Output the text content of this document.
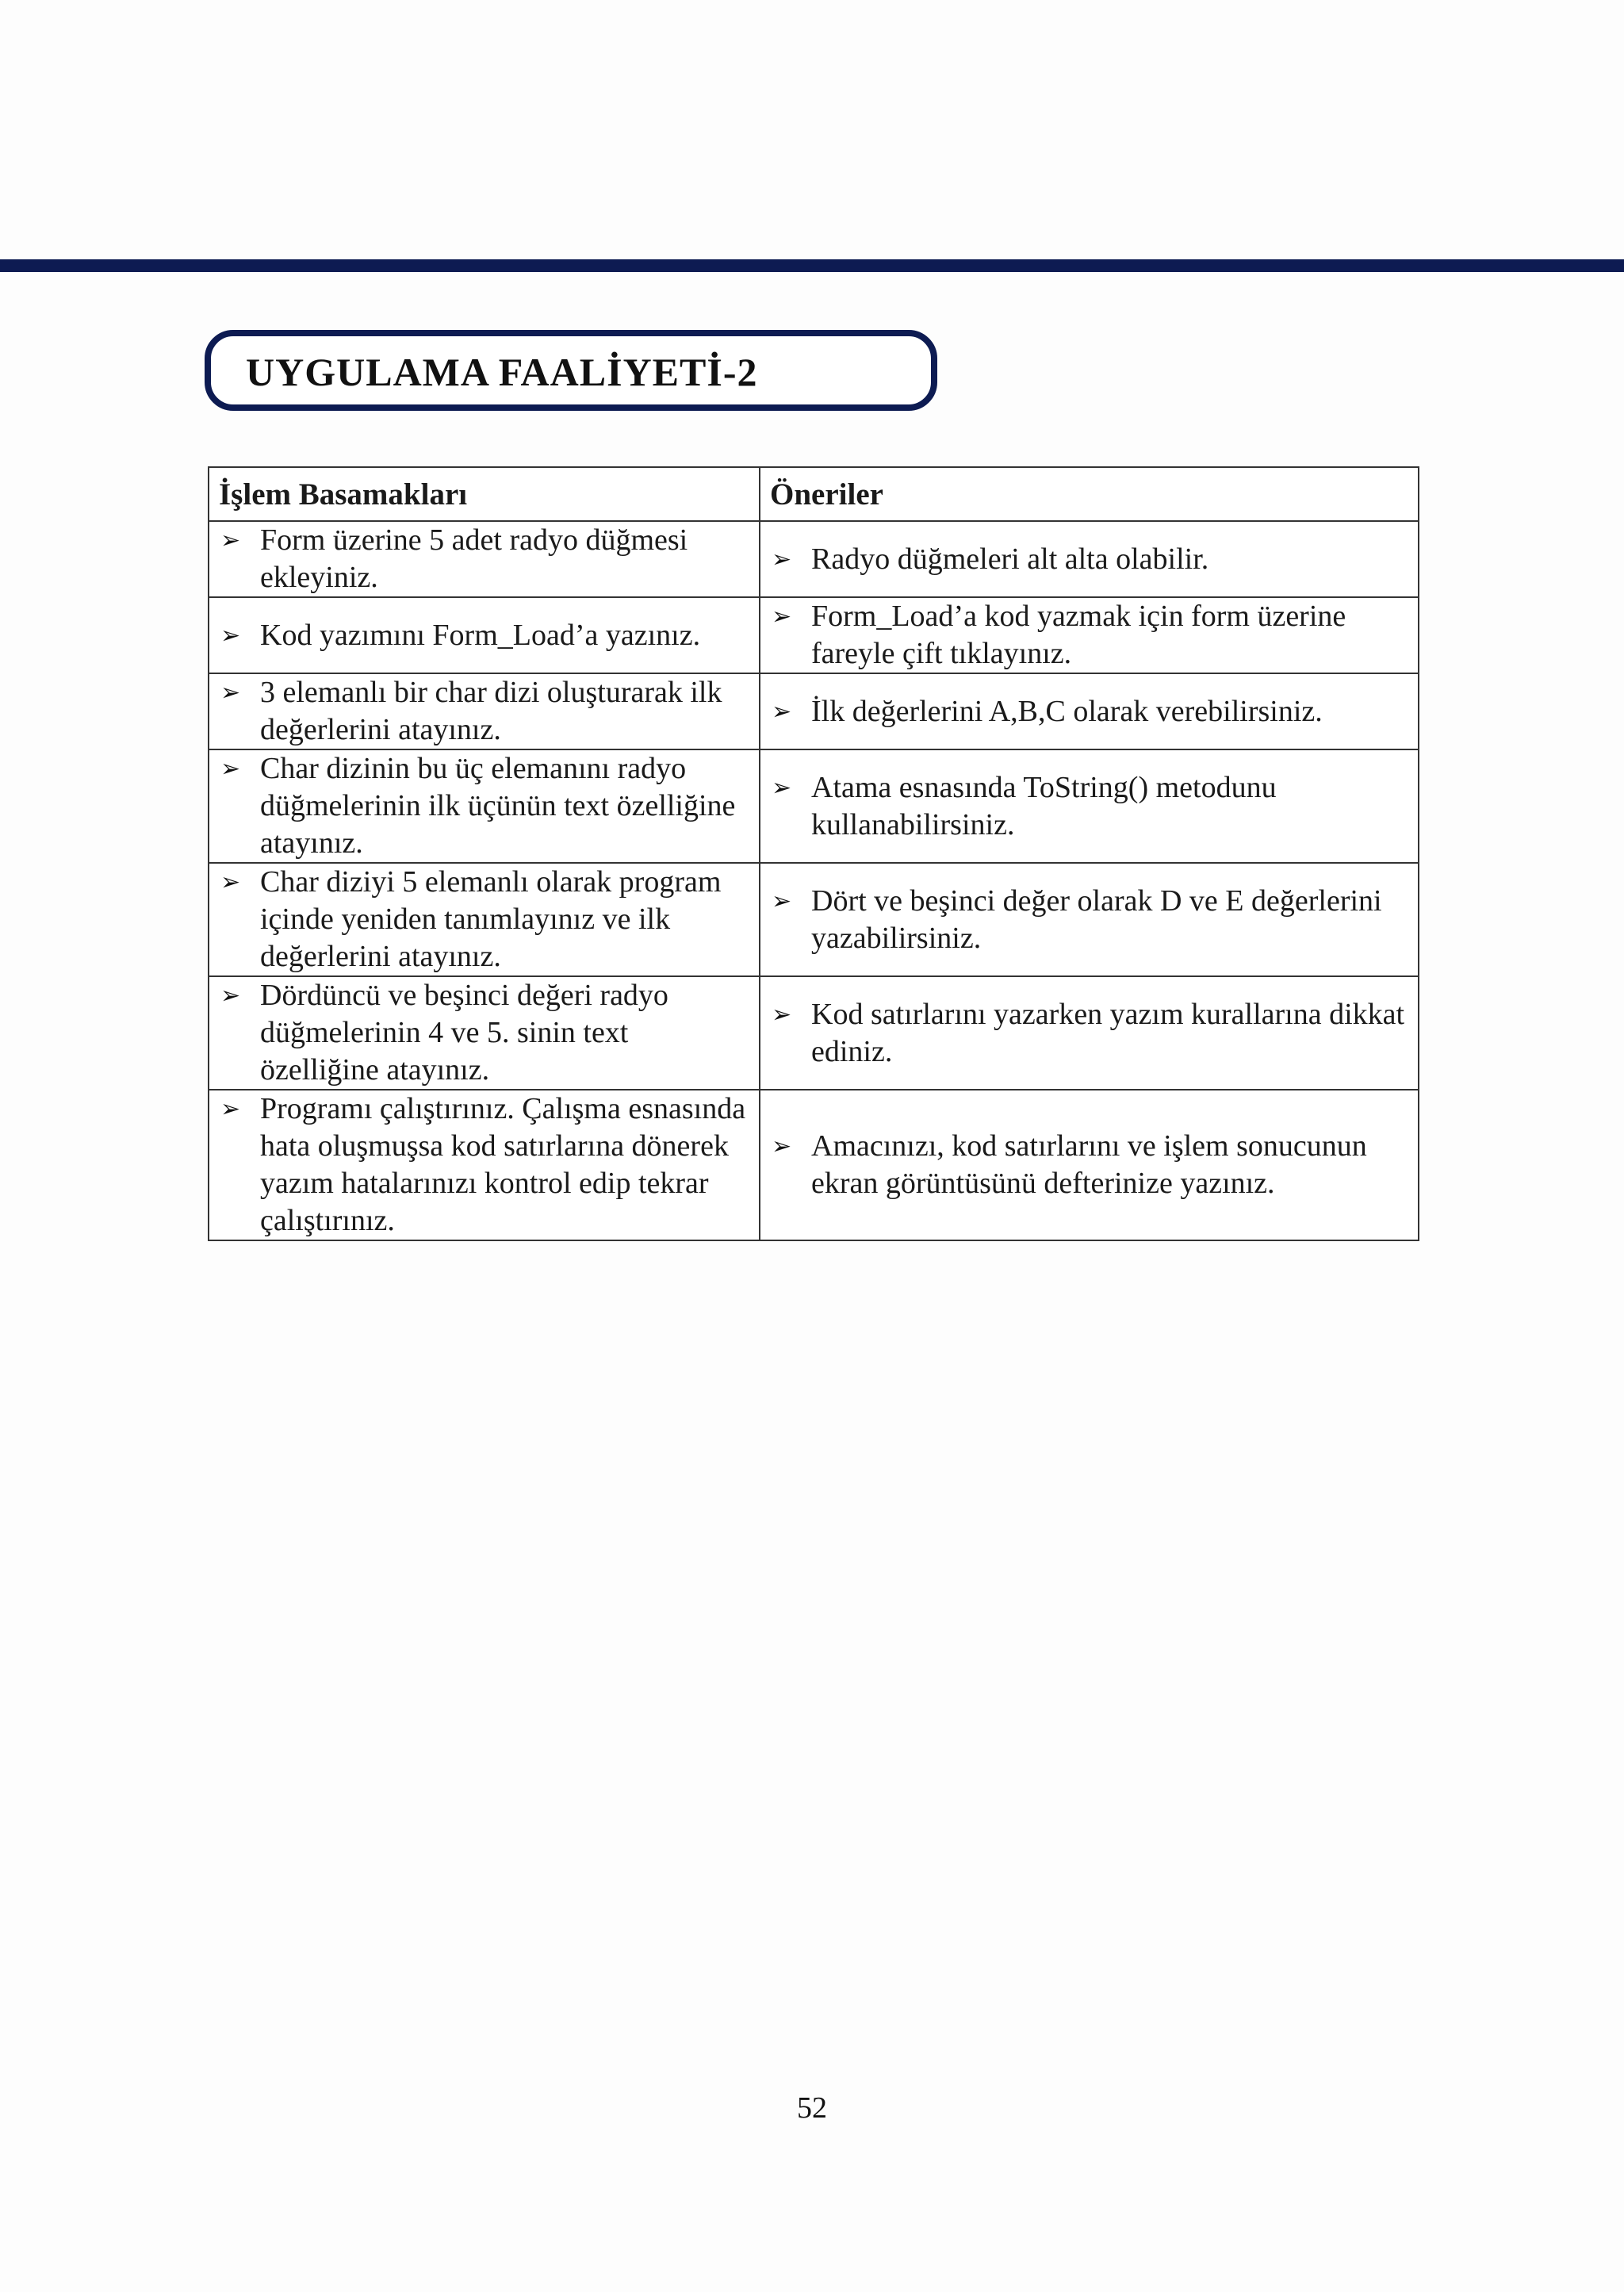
UYGULAMA FAALİYETİ-2
İşlem Basamakları	Öneriler

➢ Form üzerine 5 adet radyo düğmesi ekleyiniz.	➢ Radyo düğmeleri alt alta olabilir.

➢ Kod yazımını Form_Load’a yazınız.	➢ Form_Load’a kod yazmak için form üzerine fareyle çift tıklayınız.

➢ 3 elemanlı bir char dizi oluşturarak ilk değerlerini atayınız.	➢ İlk değerlerini A,B,C olarak verebilirsiniz.

➢ Char dizinin bu üç elemanını radyo düğmelerinin ilk üçünün text özelliğine atayınız.	➢ Atama esnasında ToString() metodunu kullanabilirsiniz.

➢ Char diziyi 5 elemanlı olarak program içinde yeniden tanımlayınız ve ilk değerlerini atayınız.	➢ Dört ve beşinci değer olarak D ve E değerlerini yazabilirsiniz.

➢ Dördüncü ve beşinci değeri radyo düğmelerinin 4 ve 5. sinin text özelliğine atayınız.	➢ Kod satırlarını yazarken yazım kurallarına dikkat ediniz.

➢ Programı çalıştırınız. Çalışma esnasında hata oluşmuşsa kod satırlarına dönerek yazım hatalarınızı kontrol edip tekrar çalıştırınız.	➢ Amacınızı, kod satırlarını ve işlem sonucunun ekran görüntüsünü defterinize yazınız.
52
